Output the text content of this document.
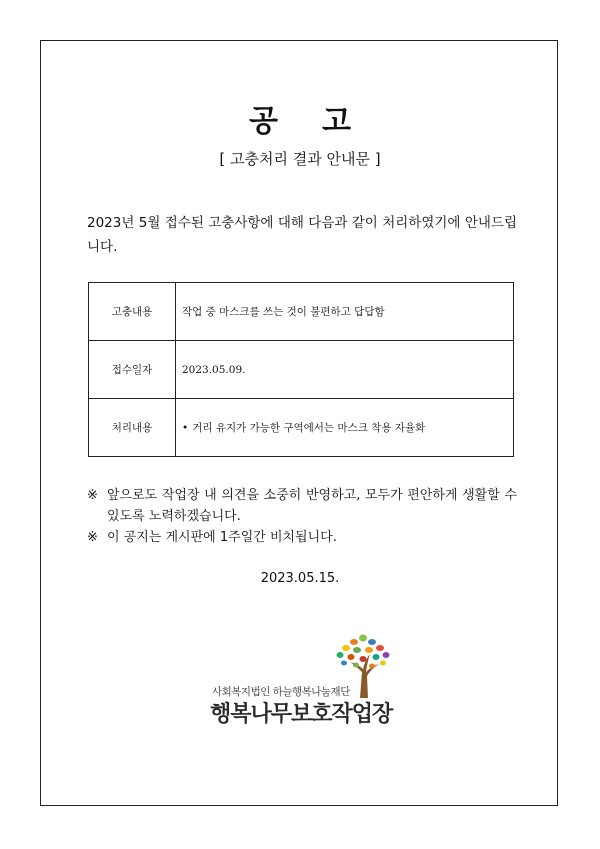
공고
[ 고충처리 결과 안내문 ]
2023년 5월 접수된 고충사항에 대해 다음과 같이 처리하였기에 안내드립니다.
고충내용	작업 중 마스크를 쓰는 것이 불편하고 답답함
접수일자	2023.05.09.
처리내용	• 거리 유지가 가능한 구역에서는 마스크 착용 자율화
※ 앞으로도 작업장 내 의견을 소중히 반영하고, 모두가 편안하게 생활할 수 있도록 노력하겠습니다.
※ 이 공지는 게시판에 1주일간 비치됩니다.
2023.05.15.
사회복지법인 하늘행복나눔재단
행복나무보호작업장
